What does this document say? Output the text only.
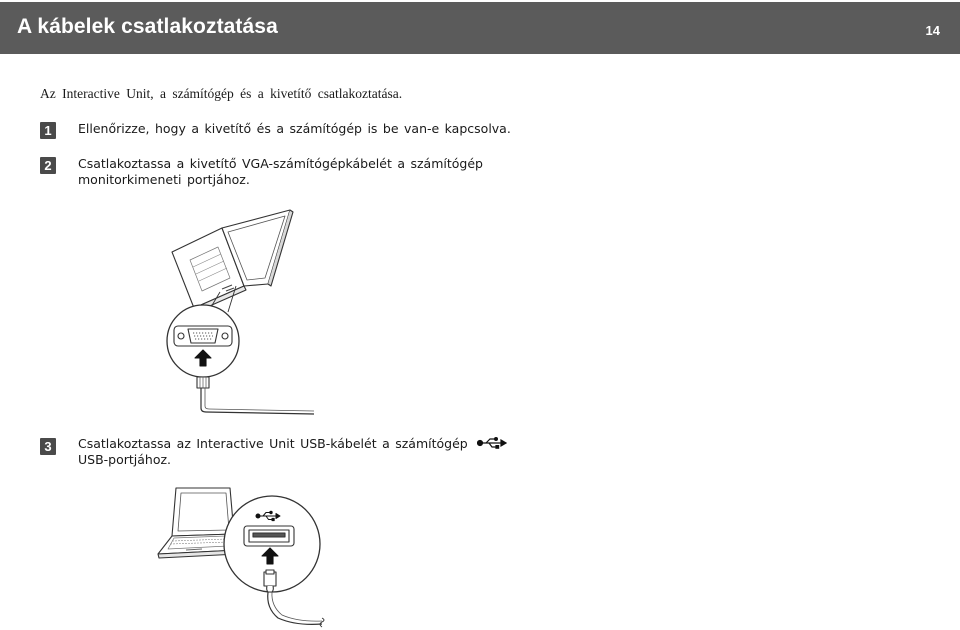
A kábelek csatlakoztatása	14
Az Interactive Unit, a számítógép és a kivetítő csatlakoztatása.
1	Ellenőrizze, hogy a kivetítő és a számítógép is be van-e kapcsolva.
2	Csatlakoztassa a kivetítő VGA-számítógépkábelét a számítógép
monitorkimeneti portjához.
3	Csatlakoztassa az Interactive Unit USB-kábelét a számítógép
USB-portjához.
